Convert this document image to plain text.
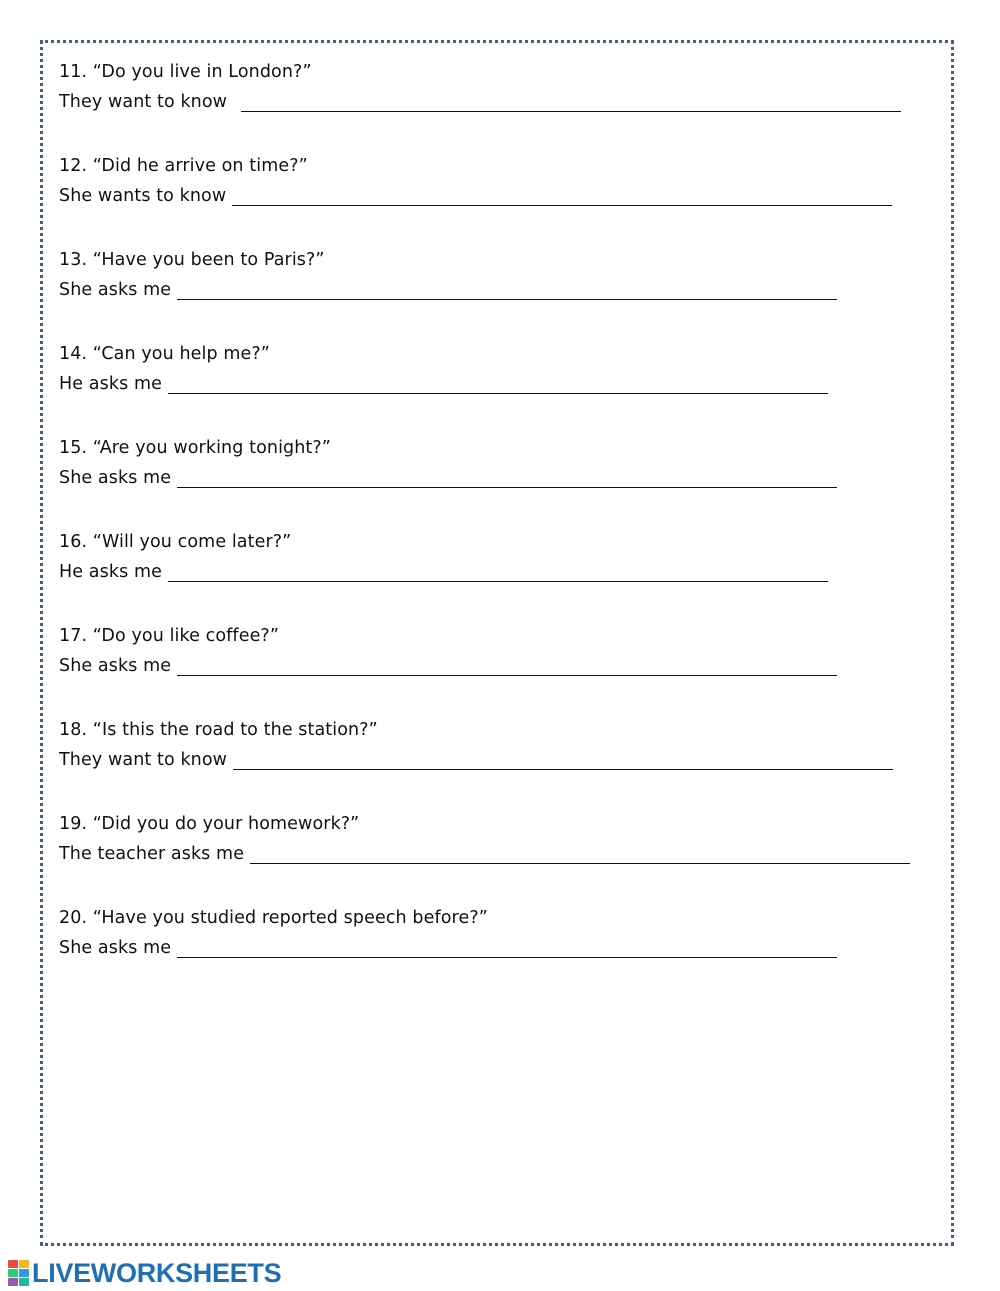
11. “Do you live in London?”
They want to know
12. “Did he arrive on time?”
She wants to know
13. “Have you been to Paris?”
She asks me
14. “Can you help me?”
He asks me
15. “Are you working tonight?”
She asks me
16. “Will you come later?”
He asks me
17. “Do you like coffee?”
She asks me
18. “Is this the road to the station?”
They want to know
19. “Did you do your homework?”
The teacher asks me
20. “Have you studied reported speech before?”
She asks me
LIVEWORKSHEETS
